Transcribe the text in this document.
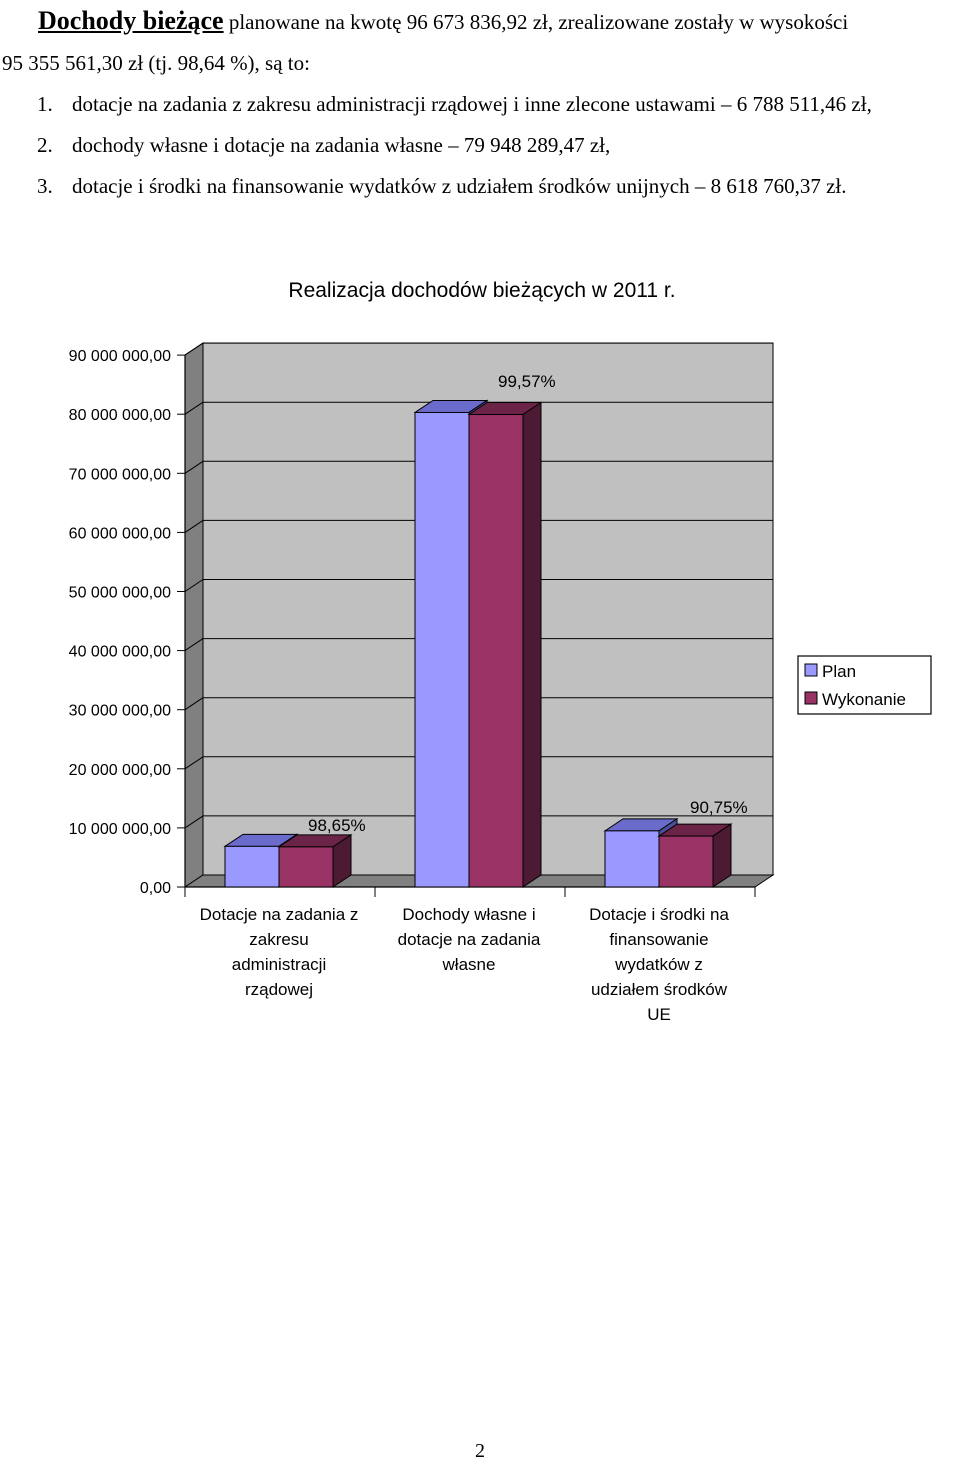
Dochody bieżące planowane na kwotę 96 673 836,92 zł, zrealizowane zostały w wysokości
95 355 561,30 zł (tj. 98,64 %), są to:
1. dotacje na zadania z zakresu administracji rządowej i inne zlecone ustawami – 6 788 511,46 zł,
2. dochody własne i dotacje na zadania własne – 79 948 289,47 zł,
3. dotacje i środki na finansowanie wydatków z udziałem środków unijnych – 8 618 760,37 zł.
Realizacja dochodów bieżących w 2011 r.
0,00
10 000 000,00
20 000 000,00
30 000 000,00
40 000 000,00
50 000 000,00
60 000 000,00
70 000 000,00
80 000 000,00
90 000 000,00
Dotacje na zadania z
zakresu
administracji
rządowej
Dochody własne i
dotacje na zadania
własne
Dotacje i środki na
finansowanie
wydatków z
udziałem środków
UE
98,65%
99,57%
90,75%
Plan
Wykonanie
2
